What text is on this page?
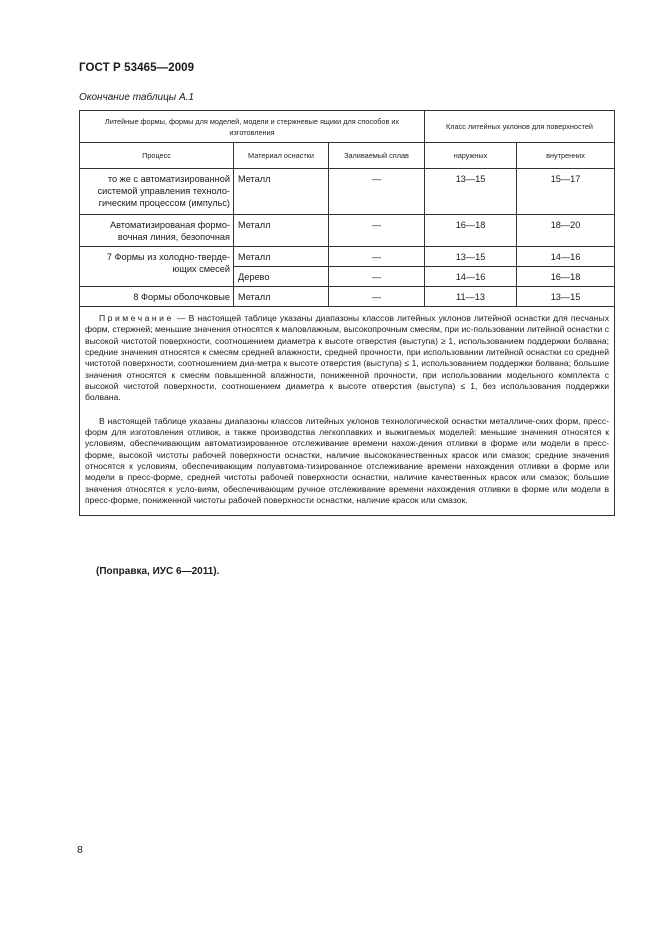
ГОСТ Р 53465—2009
Окончание таблицы А.1
Литейные формы, формы для моделей, модели и стержневые ящики для способов их изготовления			Класс литейных уклонов для поверхностей	
Процесс	Материал оснастки	Заливаемый сплав	наружных	внутренних
то же с автоматизированной системой управления техноло-гическим процессом (импульс)	Металл	—	13—15	15—17
Автоматизированая формо-вочная линия, безопочная	Металл	—	16—18	18—20
7 Формы из холодно-тверде-ющих смесей	Металл	—	13—15	14—16
	Дерево	—	14—16	16—18
8 Формы оболочковые	Металл	—	11—13	13—15

Примечание — В настоящей таблице указаны диапазоны классов литейных уклонов литейной оснастки для песчаных форм, стержней; меньшие значения относятся к маловлажным, высокопрочным смесям, при ис-пользовании литейной оснастки с высокой чистотой поверхности, соотношением диаметра к высоте отверстия (выступа) ≥ 1, использованием поддержки болвана; средние значения относятся к смесям средней влажности, средней прочности, при использовании литейной оснастки со средней чистотой поверхности, соотношением диа-метра к высоте отверстия (выступа) ≤ 1, использованием поддержки болвана; большие значения относятся к смесям повышенной влажности, пониженной прочности, при использовании модельного комплекта с высокой чистотой поверхности, соотношением диаметра к высоте отверстия (выступа) ≤ 1, без использования поддержки болвана.

В настоящей таблице указаны диапазоны классов литейных уклонов технологической оснастки металличе-ских форм, пресс-форм для изготовления отливок, а также производства легкоплавких и выжигаемых моделей: меньшие значения относятся к условиям, обеспечивающим автоматизированное отслеживание времени нахож-дения отливки в форме или модели в пресс-форме, высокой чистоты рабочей поверхности оснастки, наличие высококачественных красок или смазок; средние значения относятся к условиям, обеспечивающим полуавтома-тизированное отслеживание времени нахождения отливки в форме или модели в пресс-форме, средней чистоты рабочей поверхности оснастки, наличие качественных красок или смазок; большие значения относятся к усло-виям, обеспечивающим ручное отслеживание времени нахождения отливки в форме или модели в пресс-форме, пониженной чистоты рабочей поверхности оснастки, наличие красок или смазок.				

(Поправка, ИУС 6—2011).
8
